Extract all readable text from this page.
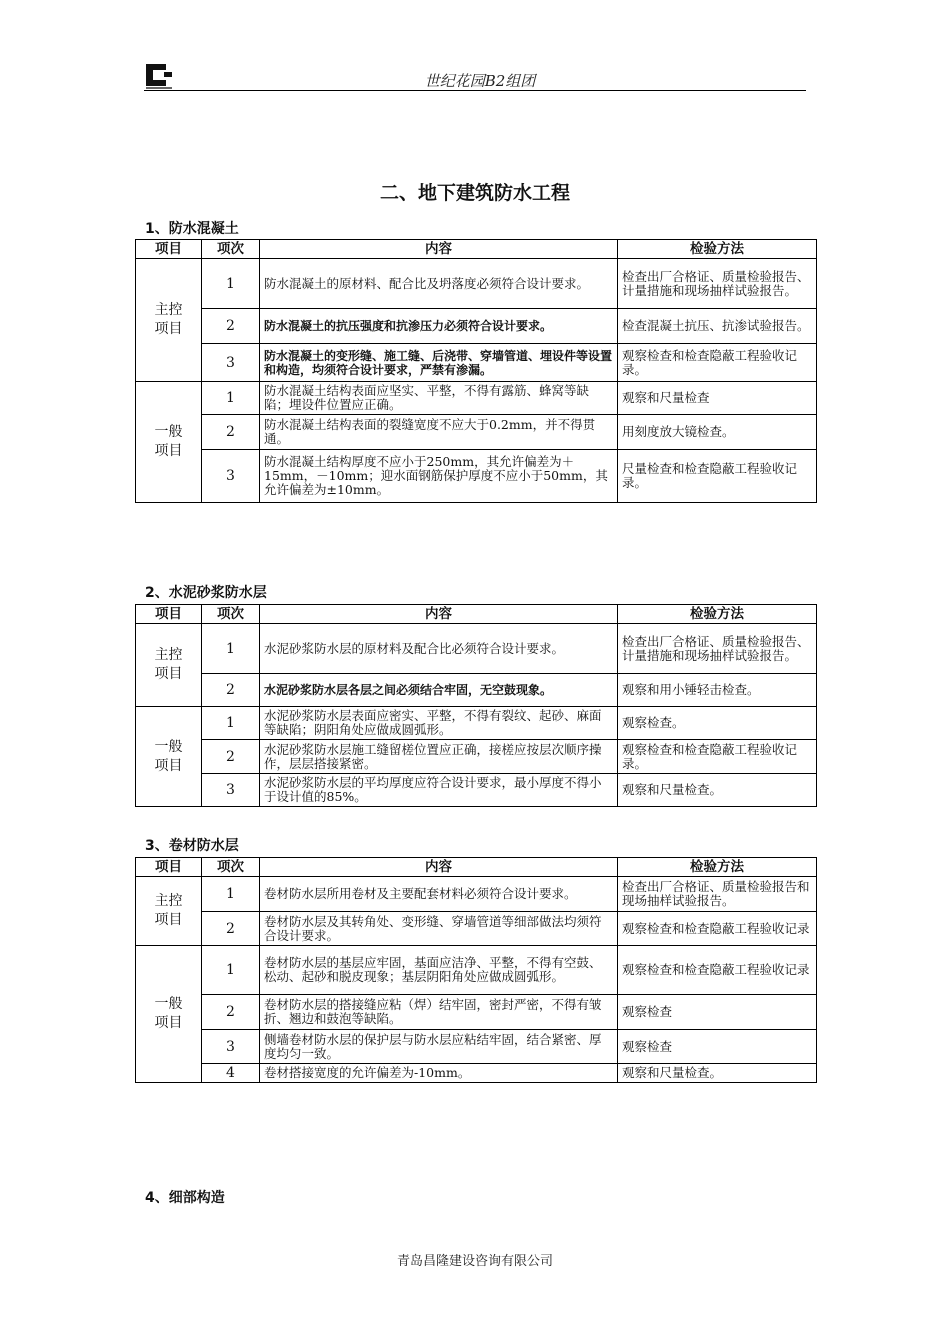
世纪花园B2组团
二、地下建筑防水工程
1、防水混凝土
项目	项次	内容	检验方法
主控
项目	1	防水混凝土的原材料、配合比及坍落度必须符合设计要求。	检查出厂合格证、质量检验报告、计量措施和现场抽样试验报告。
	2	防水混凝土的抗压强度和抗渗压力必须符合设计要求。	检查混凝土抗压、抗渗试验报告。
	3	防水混凝土的变形缝、施工缝、后浇带、穿墙管道、埋设件等设置和构造，均须符合设计要求，严禁有渗漏。	观察检查和检查隐蔽工程验收记录。
一般
项目	1	防水混凝土结构表面应坚实、平整，不得有露筋、蜂窝等缺陷；埋设件位置应正确。	观察和尺量检查
	2	防水混凝土结构表面的裂缝宽度不应大于0.2mm，并不得贯通。	用刻度放大镜检查。
	3	防水混凝土结构厚度不应小于250mm，其允许偏差为＋15mm，－10mm；迎水面钢筋保护厚度不应小于50mm，其允许偏差为±10mm。	尺量检查和检查隐蔽工程验收记录。
2、水泥砂浆防水层
项目	项次	内容	检验方法
主控
项目	1	水泥砂浆防水层的原材料及配合比必须符合设计要求。	检查出厂合格证、质量检验报告、计量措施和现场抽样试验报告。
	2	水泥砂浆防水层各层之间必须结合牢固，无空鼓现象。	观察和用小锤轻击检查。
一般
项目	1	水泥砂浆防水层表面应密实、平整，不得有裂纹、起砂、麻面等缺陷；阴阳角处应做成圆弧形。	观察检查。
	2	水泥砂浆防水层施工缝留槎位置应正确，接槎应按层次顺序操作，层层搭接紧密。	观察检查和检查隐蔽工程验收记录。
	3	水泥砂浆防水层的平均厚度应符合设计要求，最小厚度不得小于设计值的85%。	观察和尺量检查。
3、卷材防水层
项目	项次	内容	检验方法
主控
项目	1	卷材防水层所用卷材及主要配套材料必须符合设计要求。	检查出厂合格证、质量检验报告和现场抽样试验报告。
	2	卷材防水层及其转角处、变形缝、穿墙管道等细部做法均须符合设计要求。	观察检查和检查隐蔽工程验收记录
一般
项目	1	卷材防水层的基层应牢固，基面应洁净、平整，不得有空鼓、松动、起砂和脱皮现象；基层阴阳角处应做成圆弧形。	观察检查和检查隐蔽工程验收记录
	2	卷材防水层的搭接缝应粘（焊）结牢固，密封严密，不得有皱折、翘边和鼓泡等缺陷。	观察检查
	3	侧墙卷材防水层的保护层与防水层应粘结牢固，结合紧密、厚度均匀一致。	观察检查
	4	卷材搭接宽度的允许偏差为-10mm。	观察和尺量检查。
4、细部构造
青岛昌隆建设咨询有限公司
